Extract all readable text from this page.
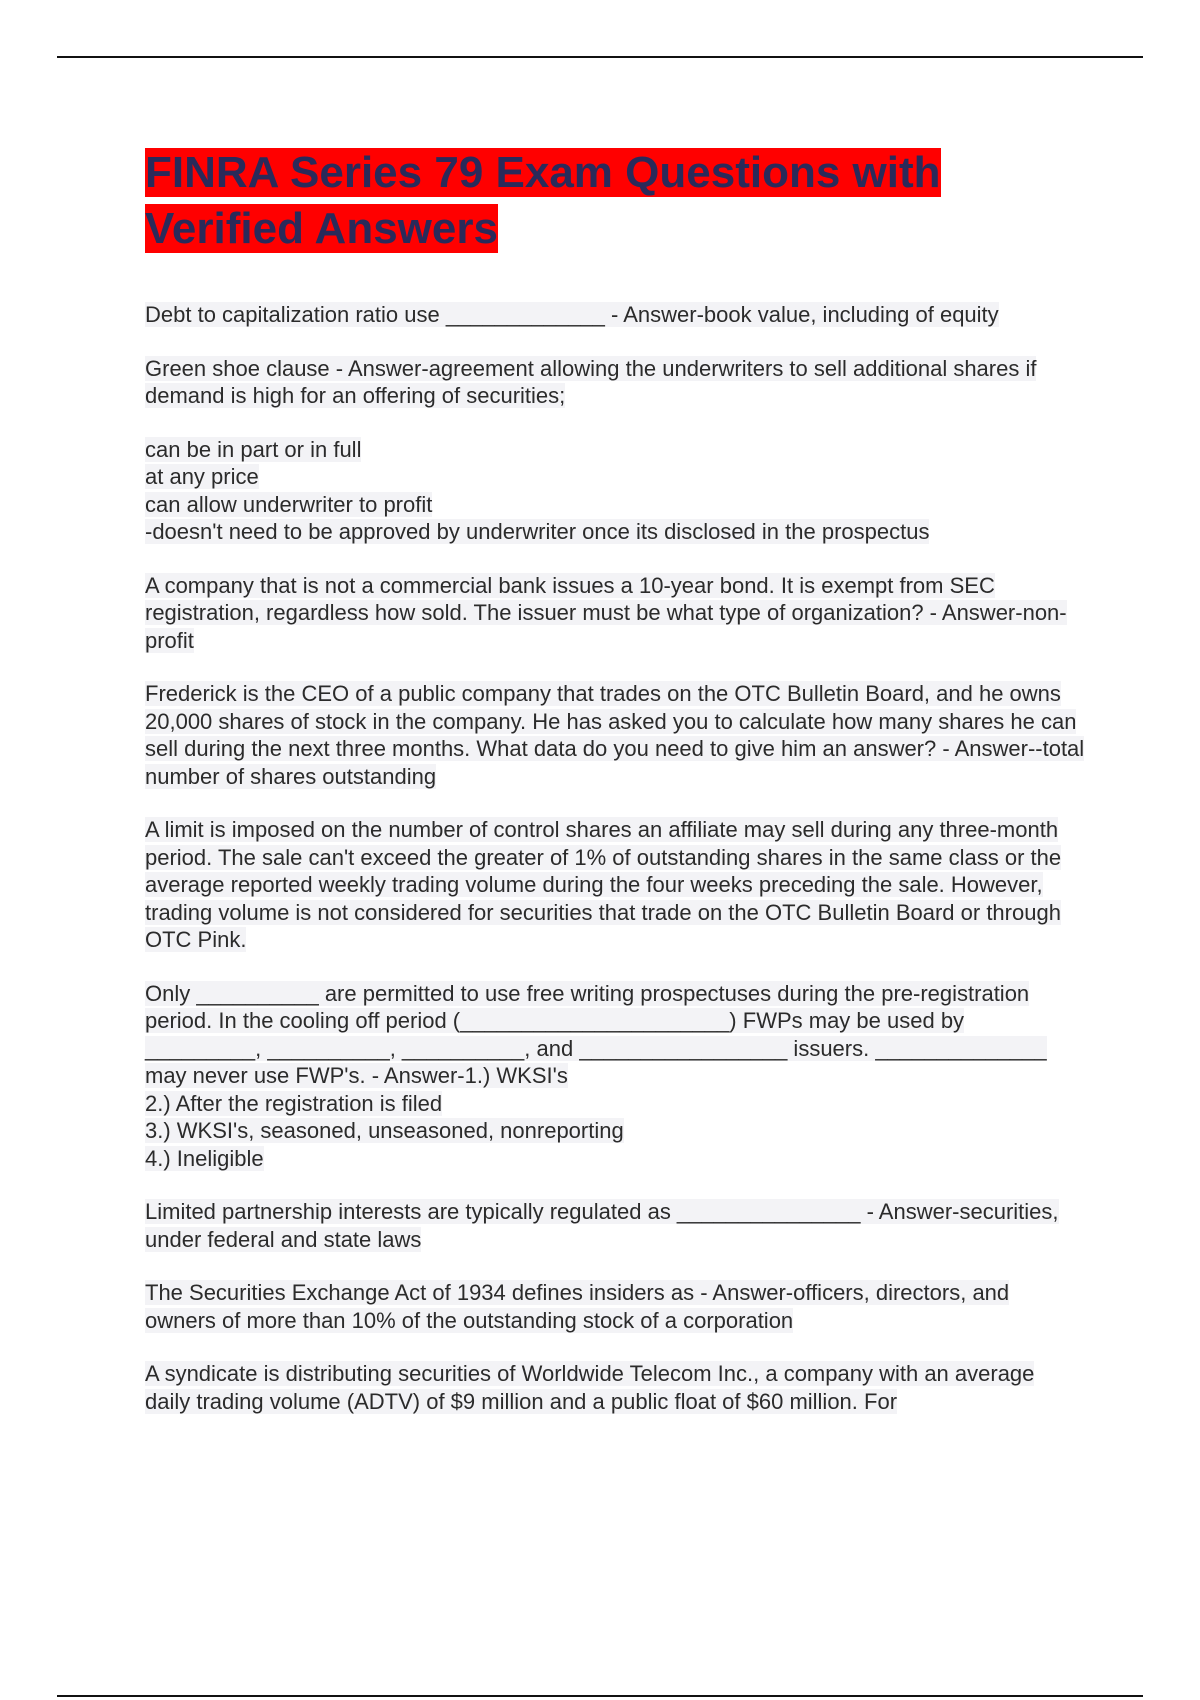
FINRA Series 79 Exam Questions with Verified Answers

Debt to capitalization ratio use _____________ - Answer-book value, including of equity

Green shoe clause - Answer-agreement allowing the underwriters to sell additional shares if demand is high for an offering of securities;

can be in part or in full
at any price
can allow underwriter to profit
-doesn't need to be approved by underwriter once its disclosed in the prospectus

A company that is not a commercial bank issues a 10-year bond. It is exempt from SEC registration, regardless how sold. The issuer must be what type of organization? - Answer-non-profit

Frederick is the CEO of a public company that trades on the OTC Bulletin Board, and he owns 20,000 shares of stock in the company. He has asked you to calculate how many shares he can sell during the next three months. What data do you need to give him an answer? - Answer--total number of shares outstanding

A limit is imposed on the number of control shares an affiliate may sell during any three-month period. The sale can't exceed the greater of 1% of outstanding shares in the same class or the average reported weekly trading volume during the four weeks preceding the sale. However, trading volume is not considered for securities that trade on the OTC Bulletin Board or through OTC Pink.

Only __________ are permitted to use free writing prospectuses during the pre-registration period. In the cooling off period (______________________) FWPs may be used by _________, __________, __________, and _________________ issuers. ______________ may never use FWP's. - Answer-1.) WKSI's
2.) After the registration is filed
3.) WKSI's, seasoned, unseasoned, nonreporting
4.) Ineligible

Limited partnership interests are typically regulated as _______________ - Answer-securities, under federal and state laws

The Securities Exchange Act of 1934 defines insiders as - Answer-officers, directors, and owners of more than 10% of the outstanding stock of a corporation

A syndicate is distributing securities of Worldwide Telecom Inc., a company with an average daily trading volume (ADTV) of $9 million and a public float of $60 million. For
